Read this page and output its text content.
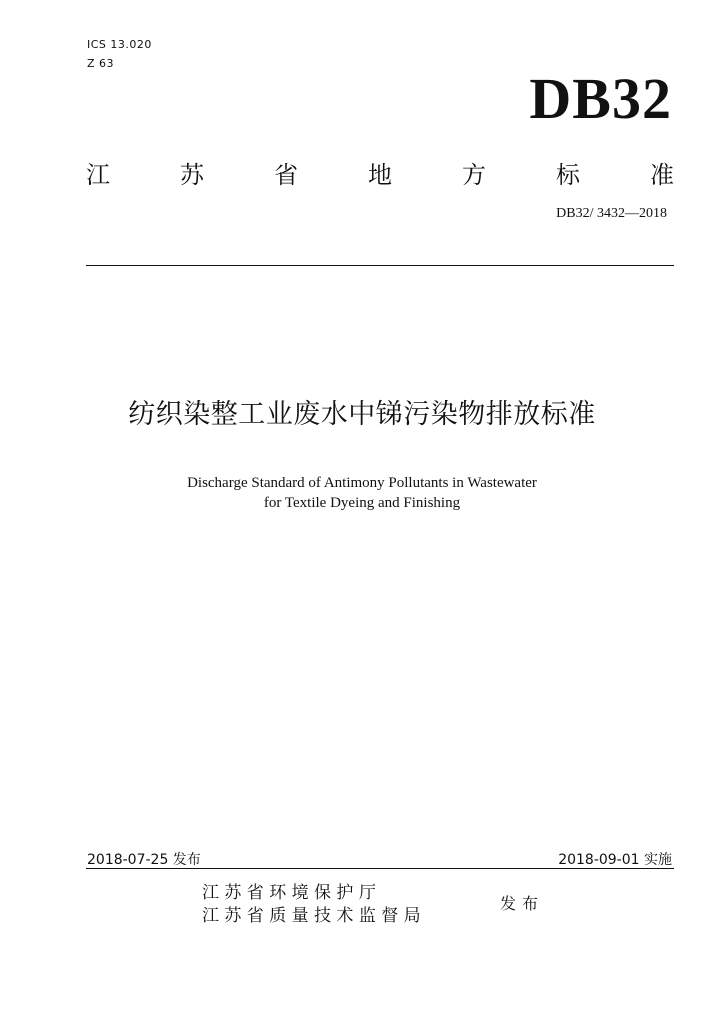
ICS 13.020
Z 63
DB32
江	苏	省	地	方	标	准
DB32/ 3432—2018
纺织染整工业废水中锑污染物排放标准
Discharge Standard of Antimony Pollutants in Wastewater
for Textile Dyeing and Finishing
2018-07-25 发布	2018-09-01 实施
江 苏 省 环 境 保 护 厅
江 苏 省 质 量 技 术 监 督 局
发布
